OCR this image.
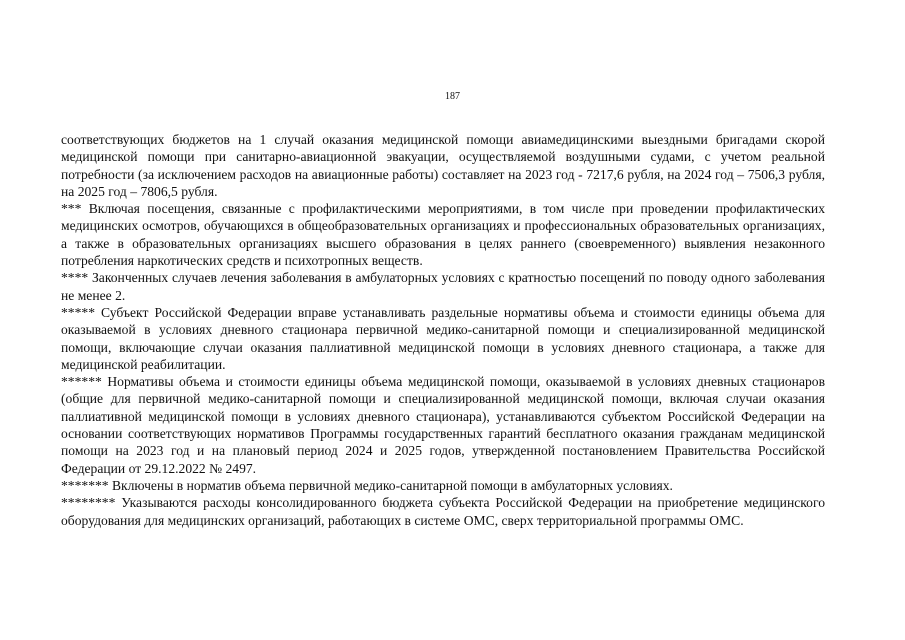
187

соответствующих бюджетов на 1 случай оказания медицинской помощи авиамедицинскими выездными бригадами скорой медицинской помощи при санитарно-авиационной эвакуации, осуществляемой воздушными судами, с учетом реальной потребности (за исключением расходов на авиационные работы) составляет на 2023 год - 7217,6 рубля, на 2024 год – 7506,3 рубля, на 2025 год – 7806,5 рубля.

*** Включая посещения, связанные с профилактическими мероприятиями, в том числе при проведении профилактических медицинских осмотров, обучающихся в общеобразовательных организациях и профессиональных образовательных организациях, а также в образовательных организациях высшего образования в целях раннего (своевременного) выявления незаконного потребления наркотических средств и психотропных веществ.

**** Законченных случаев лечения заболевания в амбулаторных условиях с кратностью посещений по поводу одного заболевания не менее 2.

***** Субъект Российской Федерации вправе устанавливать раздельные нормативы объема и стоимости единицы объема для оказываемой в условиях дневного стационара первичной медико-санитарной помощи и специализированной медицинской помощи, включающие случаи оказания паллиативной медицинской помощи в условиях дневного стационара, а также для медицинской реабилитации.

****** Нормативы объема и стоимости единицы объема медицинской помощи, оказываемой в условиях дневных стационаров (общие для первичной медико-санитарной помощи и специализированной медицинской помощи, включая случаи оказания паллиативной медицинской помощи в условиях дневного стационара), устанавливаются субъектом Российской Федерации на основании соответствующих нормативов Программы государственных гарантий бесплатного оказания гражданам медицинской помощи на 2023 год и на плановый период 2024 и 2025 годов, утвержденной постановлением Правительства Российской Федерации от 29.12.2022 № 2497.

******* Включены в норматив объема первичной медико-санитарной помощи в амбулаторных условиях.

******** Указываются расходы консолидированного бюджета субъекта Российской Федерации на приобретение медицинского оборудования для медицинских организаций, работающих в системе ОМС, сверх территориальной программы ОМС.
